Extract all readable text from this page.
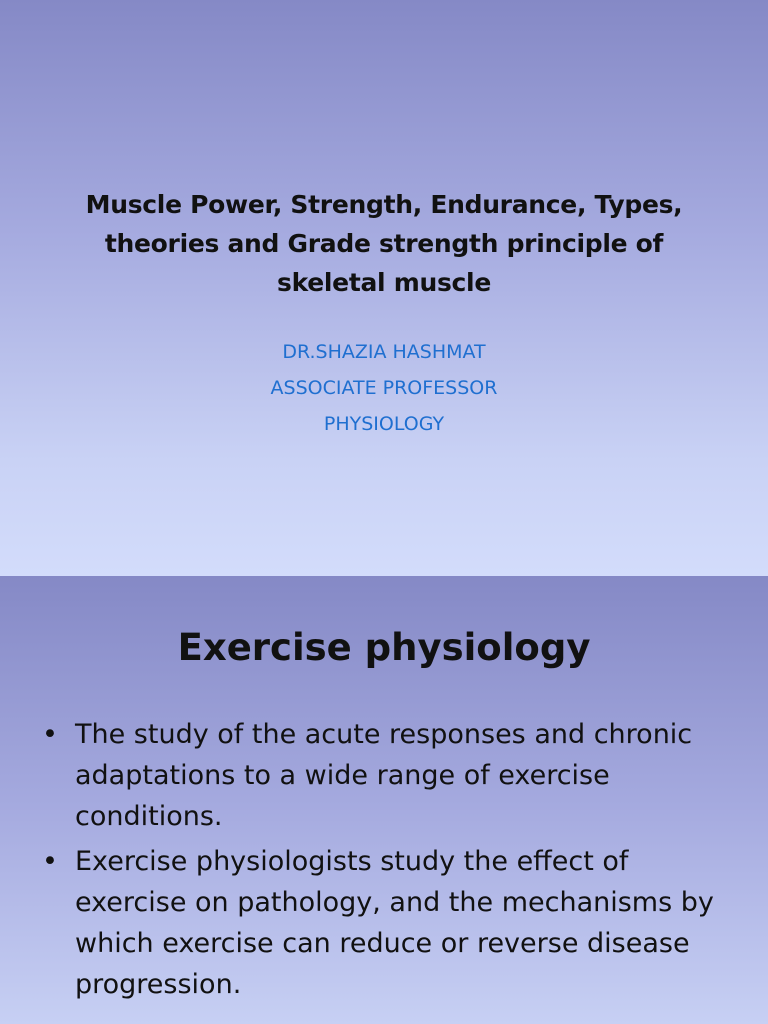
Muscle Power, Strength, Endurance, Types, theories and Grade strength principle of skeletal muscle
DR.SHAZIA HASHMAT
ASSOCIATE PROFESSOR
PHYSIOLOGY
Exercise physiology
• The study of the acute responses and chronic adaptations to a wide range of exercise conditions.
• Exercise physiologists study the effect of exercise on pathology, and the mechanisms by which exercise can reduce or reverse disease progression.
